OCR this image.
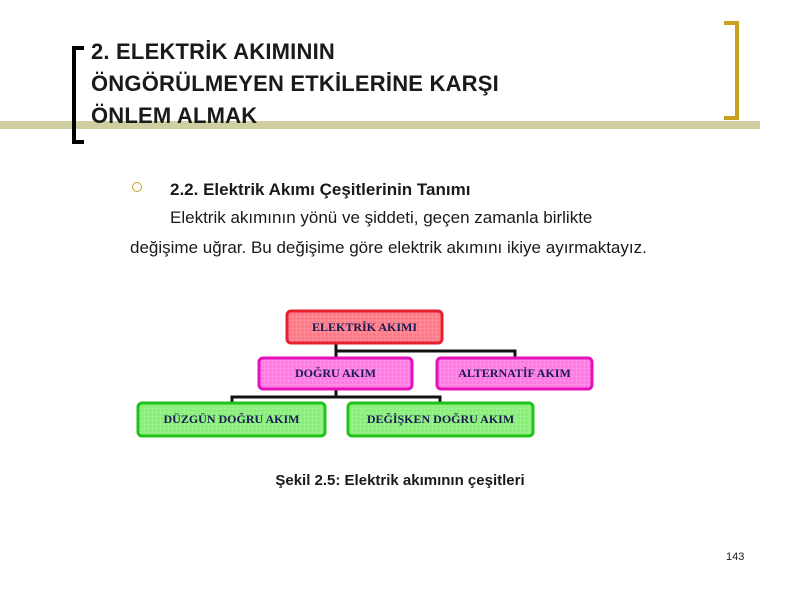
2. ELEKTRİK AKIMININ
ÖNGÖRÜLMEYEN ETKİLERİNE KARŞI
ÖNLEM ALMAK
2.2. Elektrik Akımı Çeşitlerinin Tanımı
Elektrik akımının yönü ve şiddeti, geçen zamanla birlikte
değişime uğrar. Bu değişime göre elektrik akımını ikiye ayırmaktayız.
ELEKTRİK AKIMI
DOĞRU AKIM	ALTERNATİF AKIM
DÜZGÜN DOĞRU AKIM	DEĞİŞKEN DOĞRU AKIM
Şekil 2.5: Elektrik akımının çeşitleri
143
